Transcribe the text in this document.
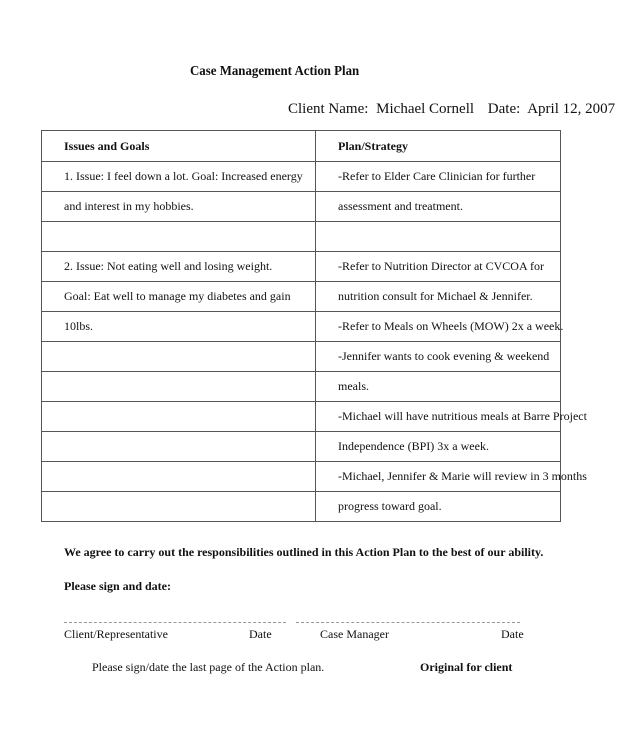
Case Management Action Plan
Client Name: Michael Cornell Date: April 12, 2007
Issues and Goals	Plan/Strategy
1. Issue: I feel down a lot. Goal: Increased energy	-Refer to Elder Care Clinician for further
and interest in my hobbies.	assessment and treatment.

2. Issue: Not eating well and losing weight.	-Refer to Nutrition Director at CVCOA for
Goal: Eat well to manage my diabetes and gain	nutrition consult for Michael & Jennifer.
10lbs.	-Refer to Meals on Wheels (MOW) 2x a week.
	-Jennifer wants to cook evening & weekend
	meals.
	-Michael will have nutritious meals at Barre Project
	Independence (BPI) 3x a week.
	-Michael, Jennifer & Marie will review in 3 months
	progress toward goal.
We agree to carry out the responsibilities outlined in this Action Plan to the best of our ability.
Please sign and date:
Client/Representative	Date	Case Manager	Date
Please sign/date the last page of the Action plan.	Original for client
